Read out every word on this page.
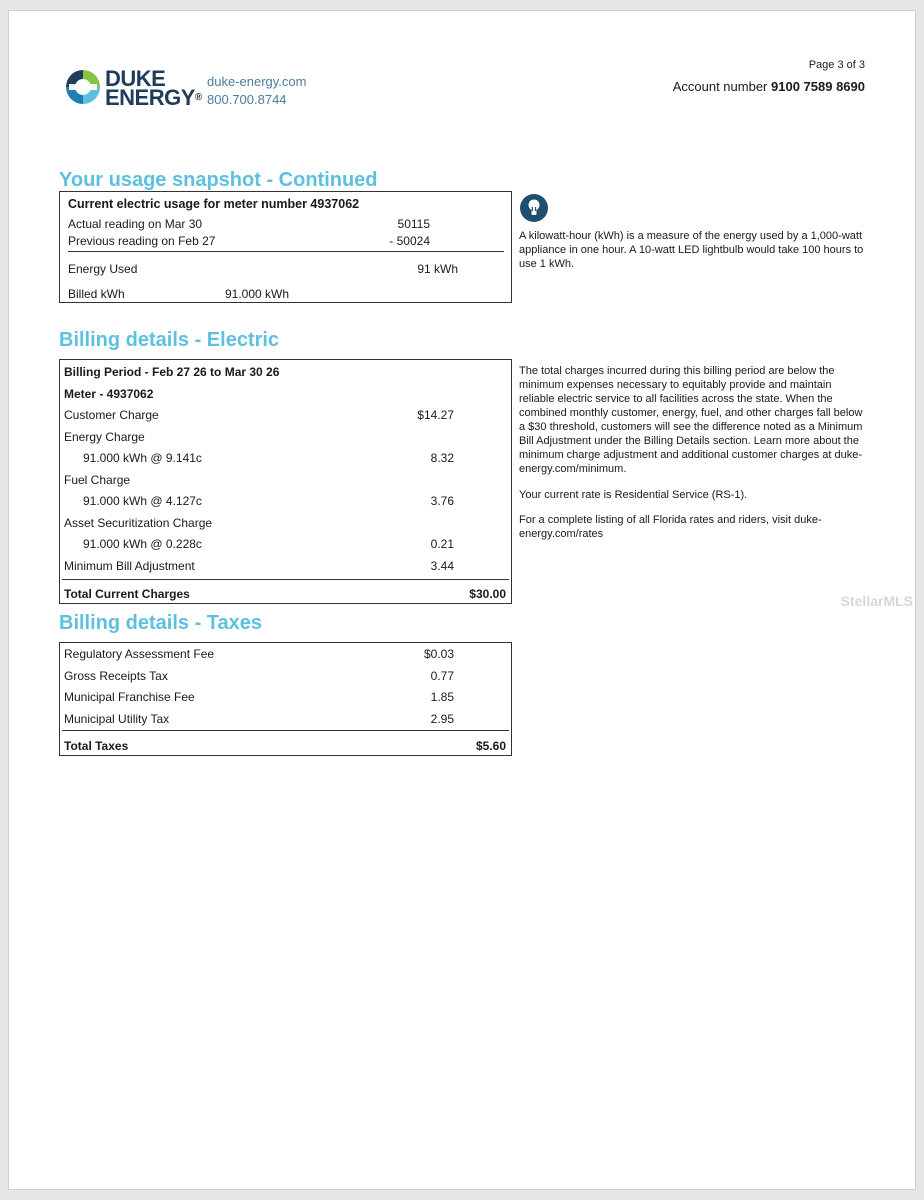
DUKE
ENERGY®
duke-energy.com
800.700.8744
Page 3 of 3
Account number 9100 7589 8690
Your usage snapshot - Continued
Current electric usage for meter number 4937062
Actual reading on Mar 30	50115
Previous reading on Feb 27	- 50024
Energy Used	91 kWh
Billed kWh	91.000 kWh
A kilowatt-hour (kWh) is a measure of the energy used by a 1,000-watt appliance in one hour. A 10-watt LED lightbulb would take 100 hours to use 1 kWh.
Billing details - Electric
Billing Period - Feb 27 26 to Mar 30 26
Meter - 4937062
Customer Charge	$14.27
Energy Charge
91.000 kWh @ 9.141c	8.32
Fuel Charge
91.000 kWh @ 4.127c	3.76
Asset Securitization Charge
91.000 kWh @ 0.228c	0.21
Minimum Bill Adjustment	3.44
Total Current Charges	$30.00
The total charges incurred during this billing period are below the minimum expenses necessary to equitably provide and maintain reliable electric service to all facilities across the state. When the combined monthly customer, energy, fuel, and other charges fall below a $30 threshold, customers will see the difference noted as a Minimum Bill Adjustment under the Billing Details section. Learn more about the minimum charge adjustment and additional customer charges at duke- energy.com/minimum.
Your current rate is Residential Service (RS-1).
For a complete listing of all Florida rates and riders, visit duke-energy.com/rates
Billing details - Taxes
Regulatory Assessment Fee	$0.03
Gross Receipts Tax	0.77
Municipal Franchise Fee	1.85
Municipal Utility Tax	2.95
Total Taxes	$5.60
StellarMLS
